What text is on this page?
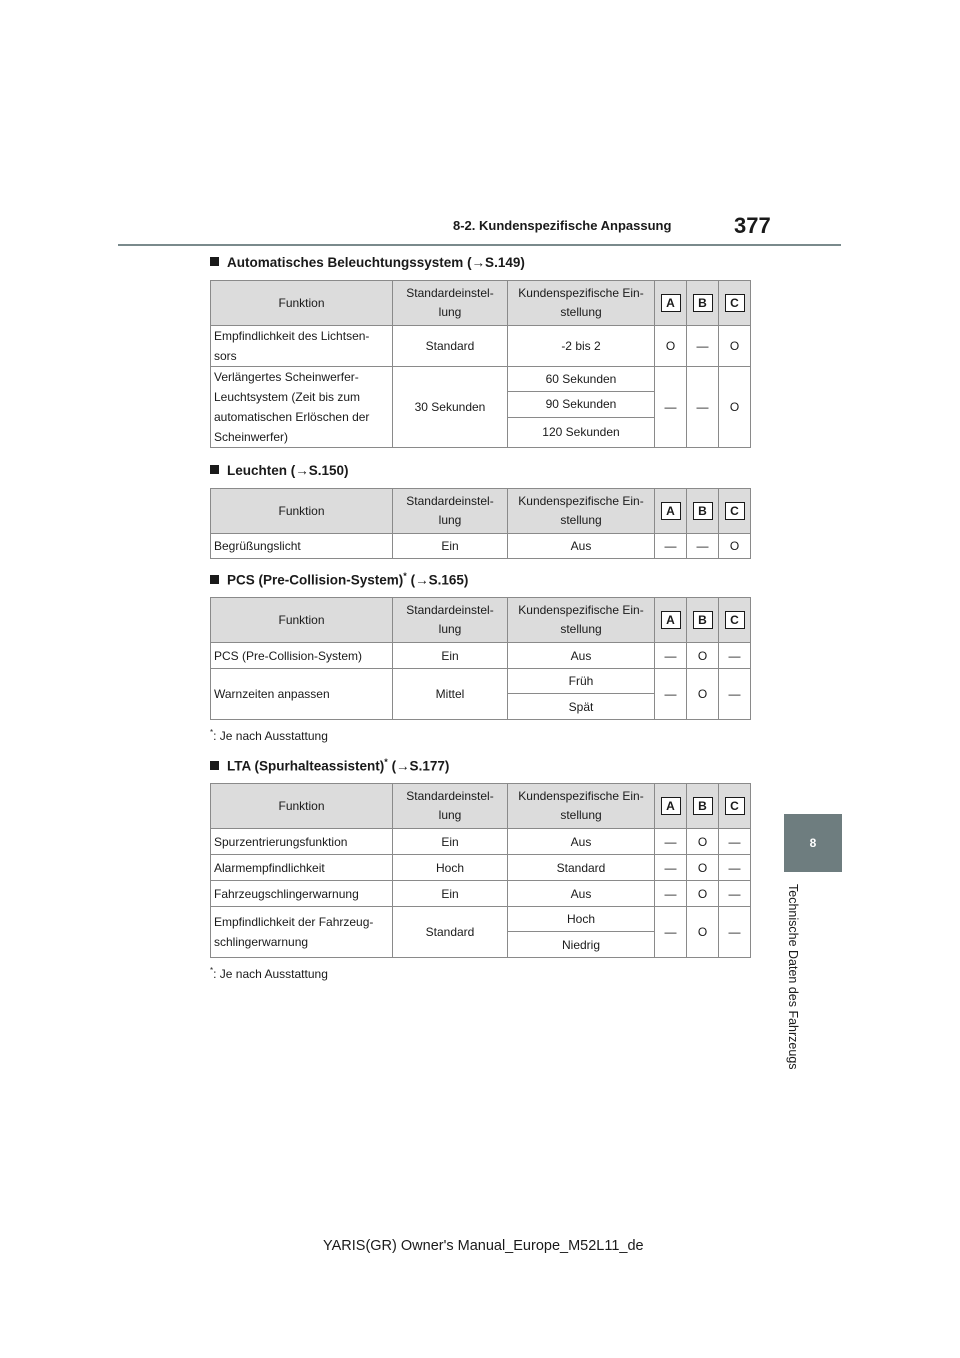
8-2. Kundenspezifische Anpassung	377
8
Technische Daten des Fahrzeugs
Automatisches Beleuchtungssystem (→S.149)
Funktion	Standardeinstel-lung	Kundenspezifische Ein-stellung	A	B	C
Empfindlichkeit des Lichtsen-sors	Standard	-2 bis 2	O	—	O
Verlängertes Scheinwerfer-Leuchtsystem (Zeit bis zum automatischen Erlöschen der Scheinwerfer)	30 Sekunden	60 Sekunden	—	—	O
		90 Sekunden			
		120 Sekunden			
Leuchten (→S.150)
Funktion	Standardeinstel-lung	Kundenspezifische Ein-stellung	A	B	C
Begrüßungslicht	Ein	Aus	—	—	O
PCS (Pre-Collision-System)* (→S.165)
Funktion	Standardeinstel-lung	Kundenspezifische Ein-stellung	A	B	C
PCS (Pre-Collision-System)	Ein	Aus	—	O	—
Warnzeiten anpassen	Mittel	Früh	—	O	—
		Spät			
*: Je nach Ausstattung
LTA (Spurhalteassistent)* (→S.177)
Funktion	Standardeinstel-lung	Kundenspezifische Ein-stellung	A	B	C
Spurzentrierungsfunktion	Ein	Aus	—	O	—
Alarmempfindlichkeit	Hoch	Standard	—	O	—
Fahrzeugschlingerwarnung	Ein	Aus	—	O	—
Empfindlichkeit der Fahrzeug-schlingerwarnung	Standard	Hoch	—	O	—
		Niedrig			
*: Je nach Ausstattung
YARIS(GR) Owner's Manual_Europe_M52L11_de
